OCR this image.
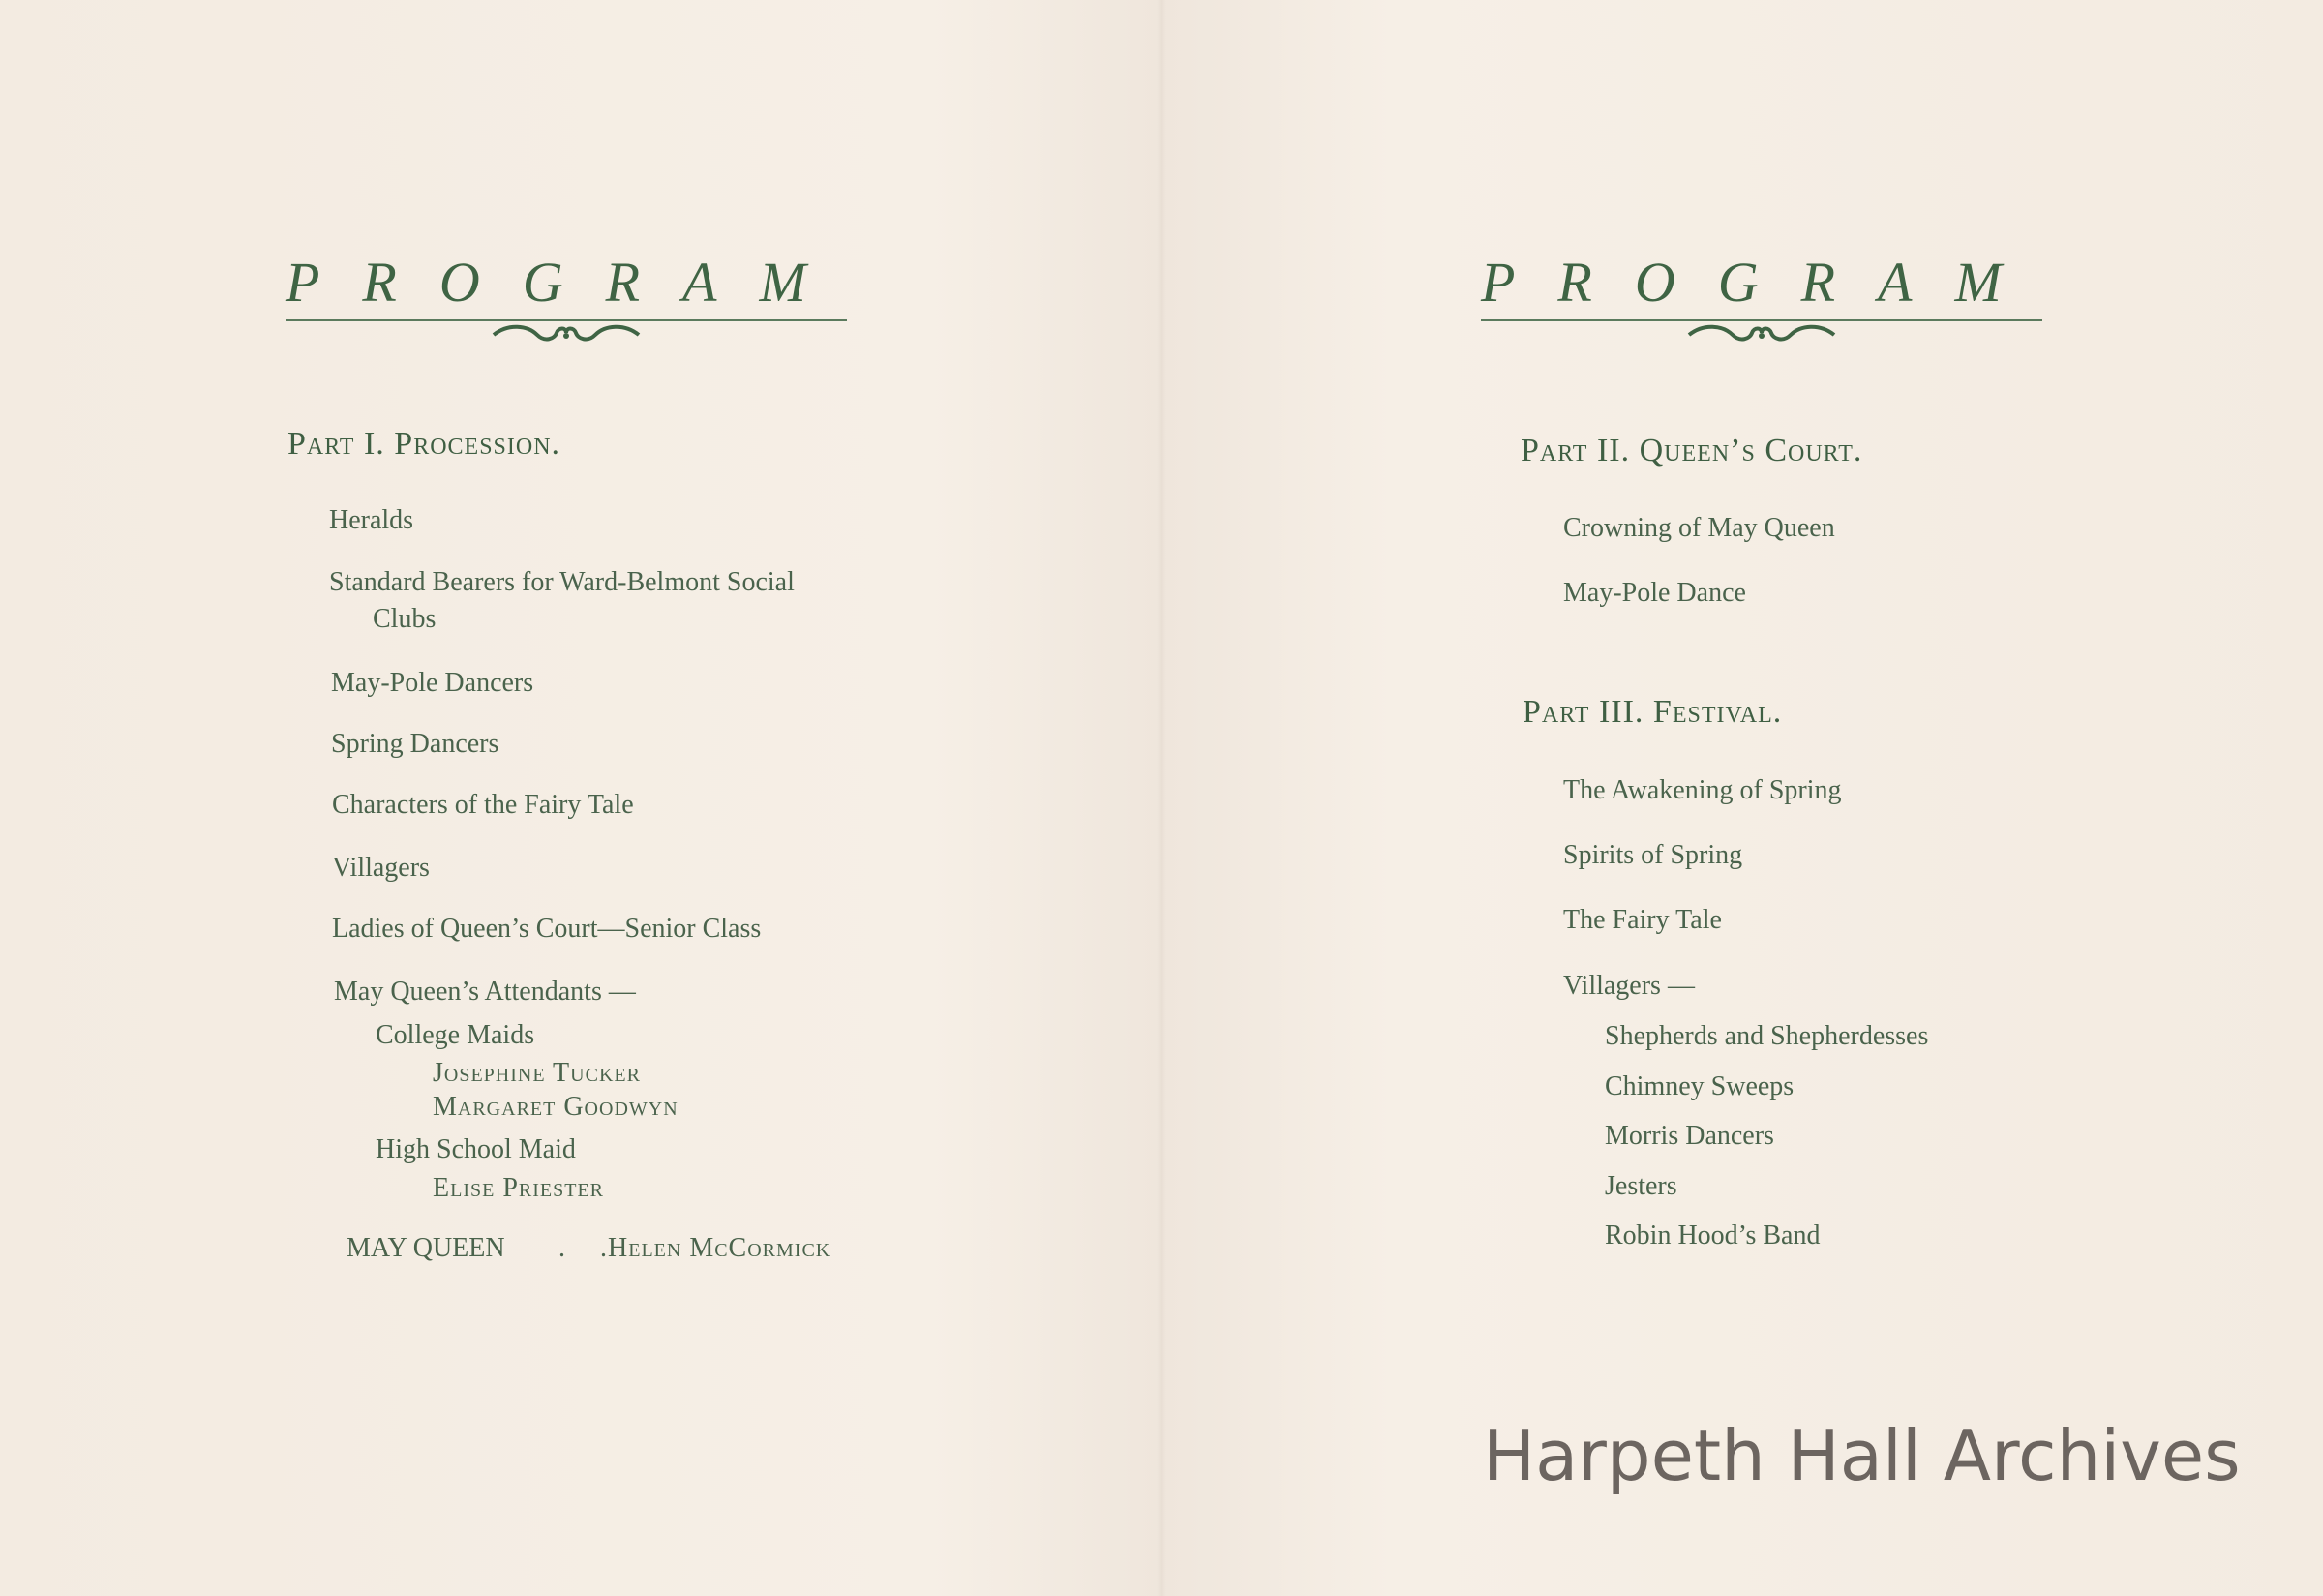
PROGRAM
Part I. Procession.
Heralds
Standard Bearers for Ward-Belmont Social
Clubs
May-Pole Dancers
Spring Dancers
Characters of the Fairy Tale
Villagers
Ladies of Queen’s Court—Senior Class
May Queen’s Attendants —
College Maids
Josephine Tucker
Margaret Goodwyn
High School Maid
Elise Priester
MAY QUEEN . .Helen McCormick
PROGRAM
Part II. Queen’s Court.
Crowning of May Queen
May-Pole Dance
Part III. Festival.
The Awakening of Spring
Spirits of Spring
The Fairy Tale
Villagers —
Shepherds and Shepherdesses
Chimney Sweeps
Morris Dancers
Jesters
Robin Hood’s Band
Harpeth Hall Archives
